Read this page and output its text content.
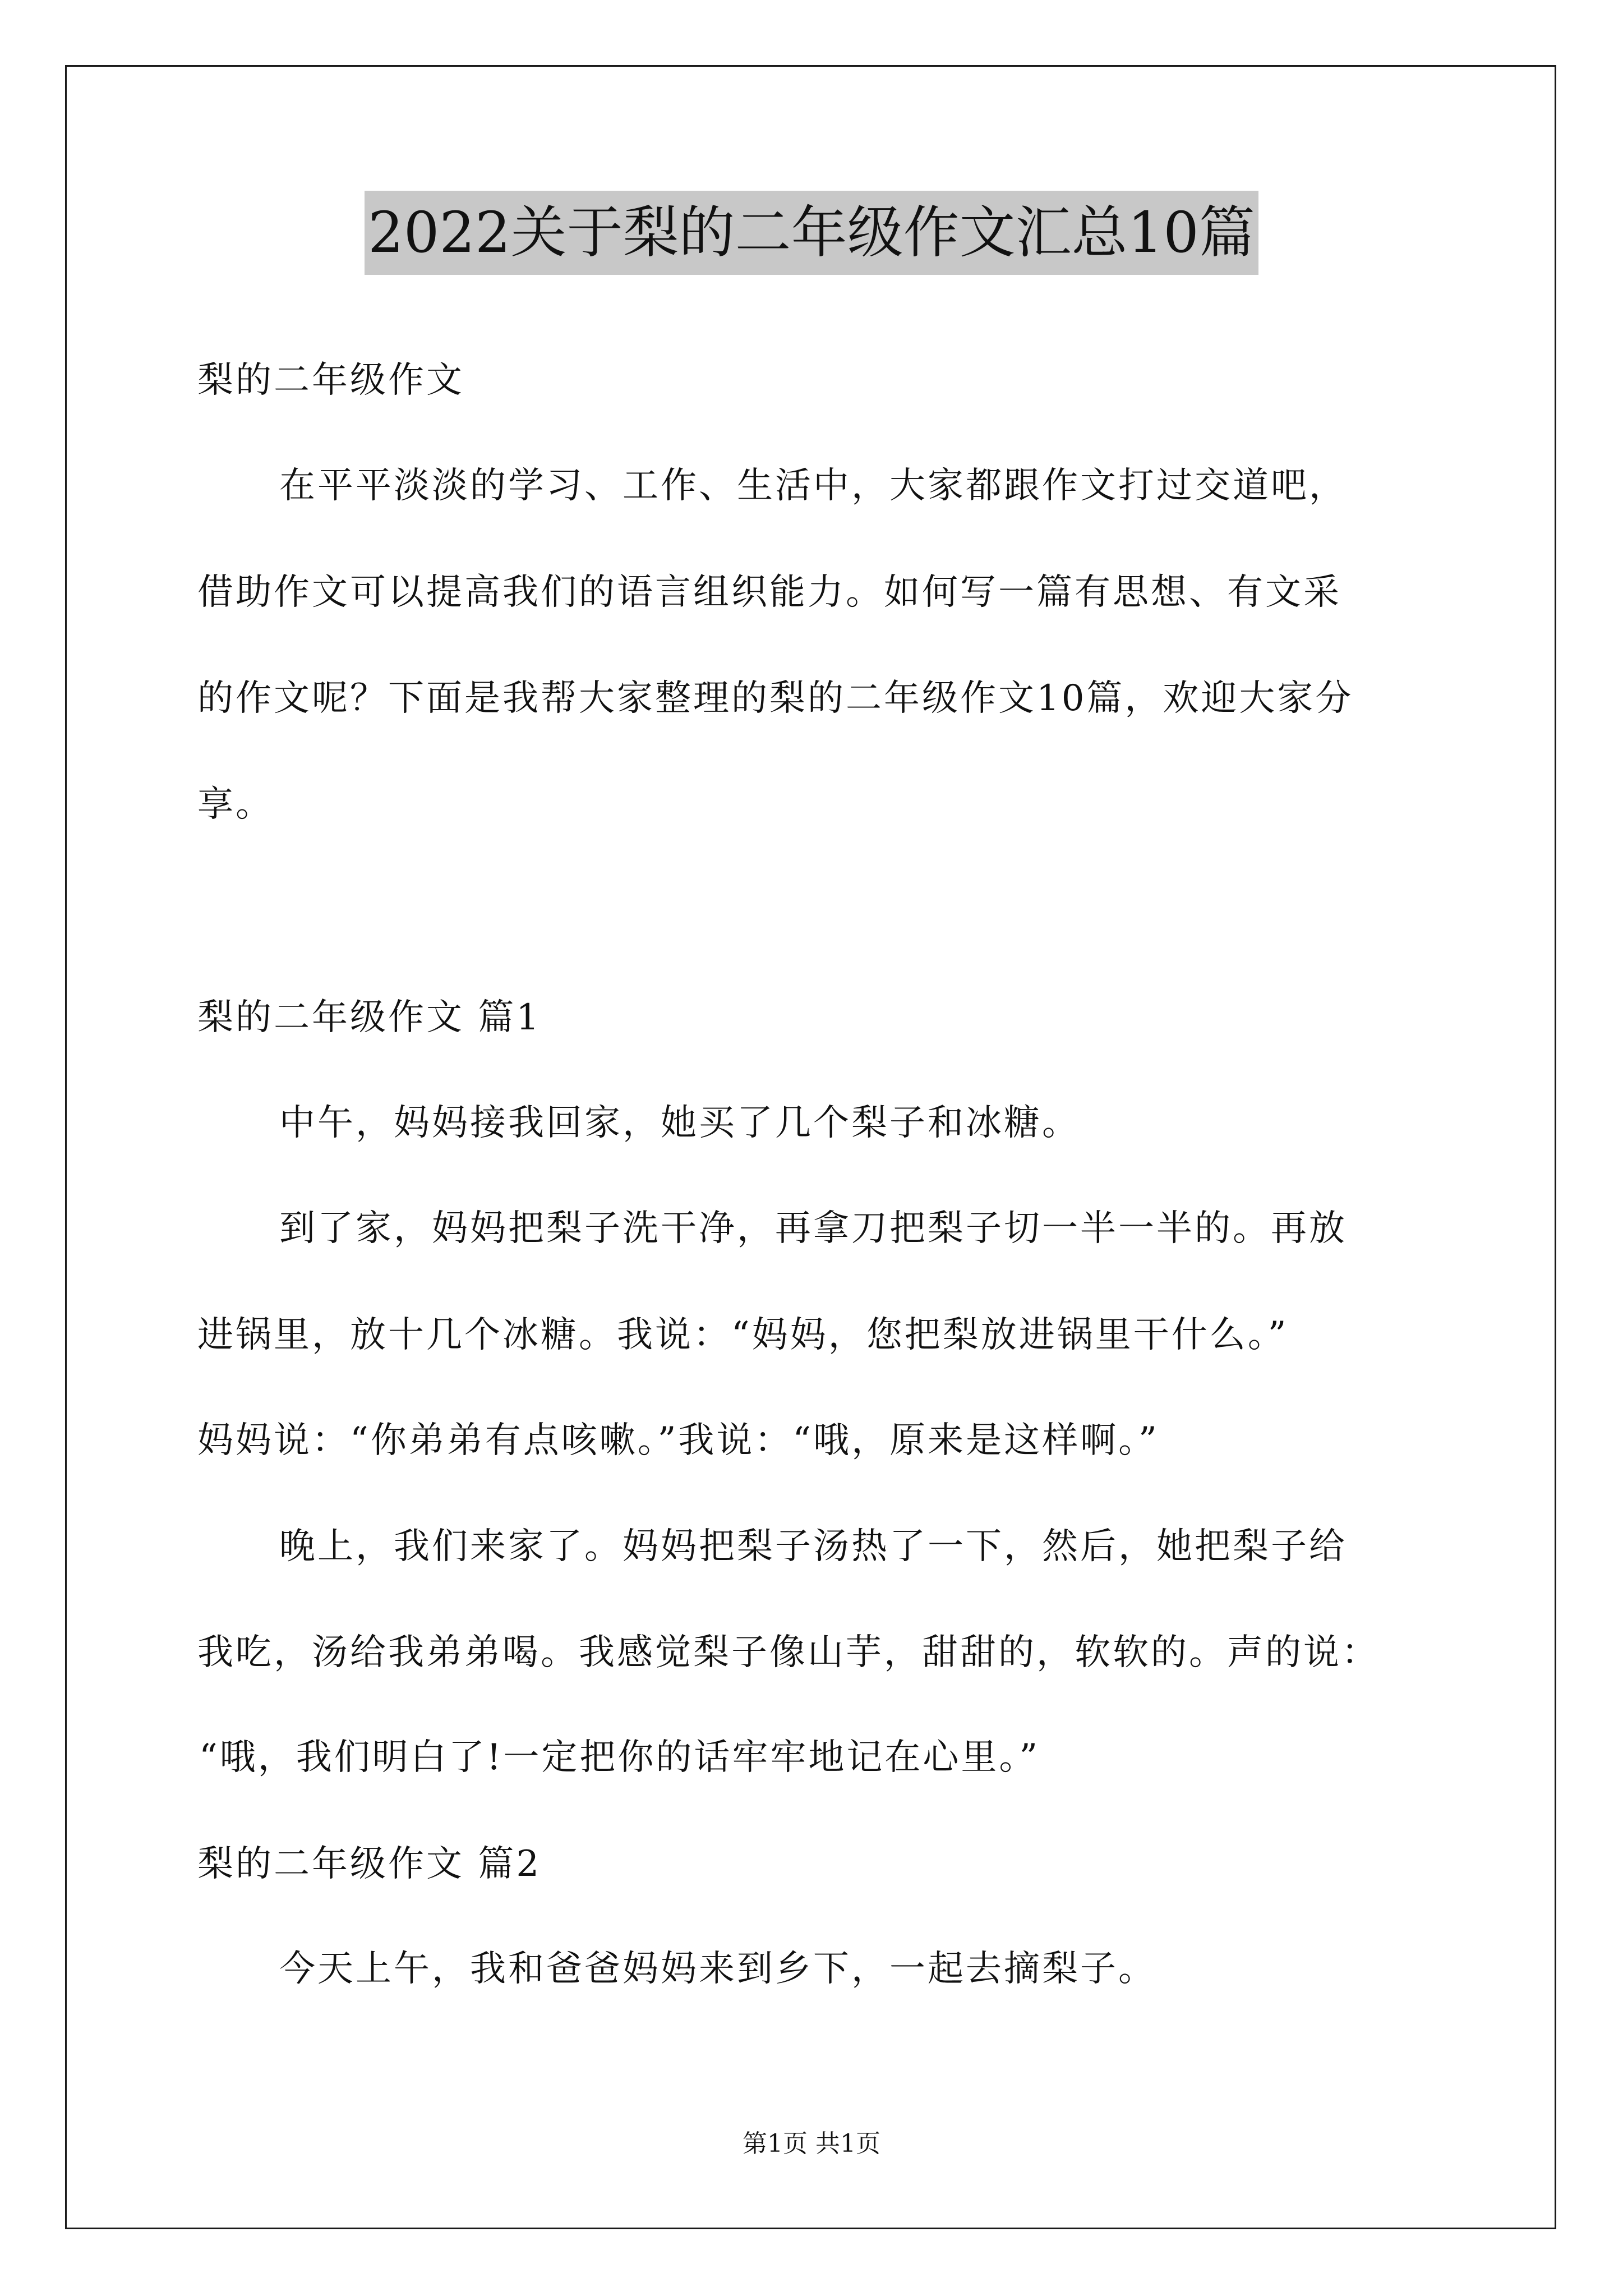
2022关于梨的二年级作文汇总10篇
梨的二年级作文
在平平淡淡的学习、工作、生活中，大家都跟作文打过交道吧，
借助作文可以提高我们的语言组织能力。如何写一篇有思想、有文采
的作文呢？下面是我帮大家整理的梨的二年级作文10篇，欢迎大家分
享。
梨的二年级作文 篇1
中午，妈妈接我回家，她买了几个梨子和冰糖。
到了家，妈妈把梨子洗干净，再拿刀把梨子切一半一半的。再放
进锅里，放十几个冰糖。我说：“妈妈，您把梨放进锅里干什么。”
妈妈说：“你弟弟有点咳嗽。”我说：“哦，原来是这样啊。”
晚上，我们来家了。妈妈把梨子汤热了一下，然后，她把梨子给
我吃，汤给我弟弟喝。我感觉梨子像山芋，甜甜的，软软的。声的说：
“哦，我们明白了!一定把你的话牢牢地记在心里。”
梨的二年级作文 篇2
今天上午，我和爸爸妈妈来到乡下，一起去摘梨子。
第1页 共1页
